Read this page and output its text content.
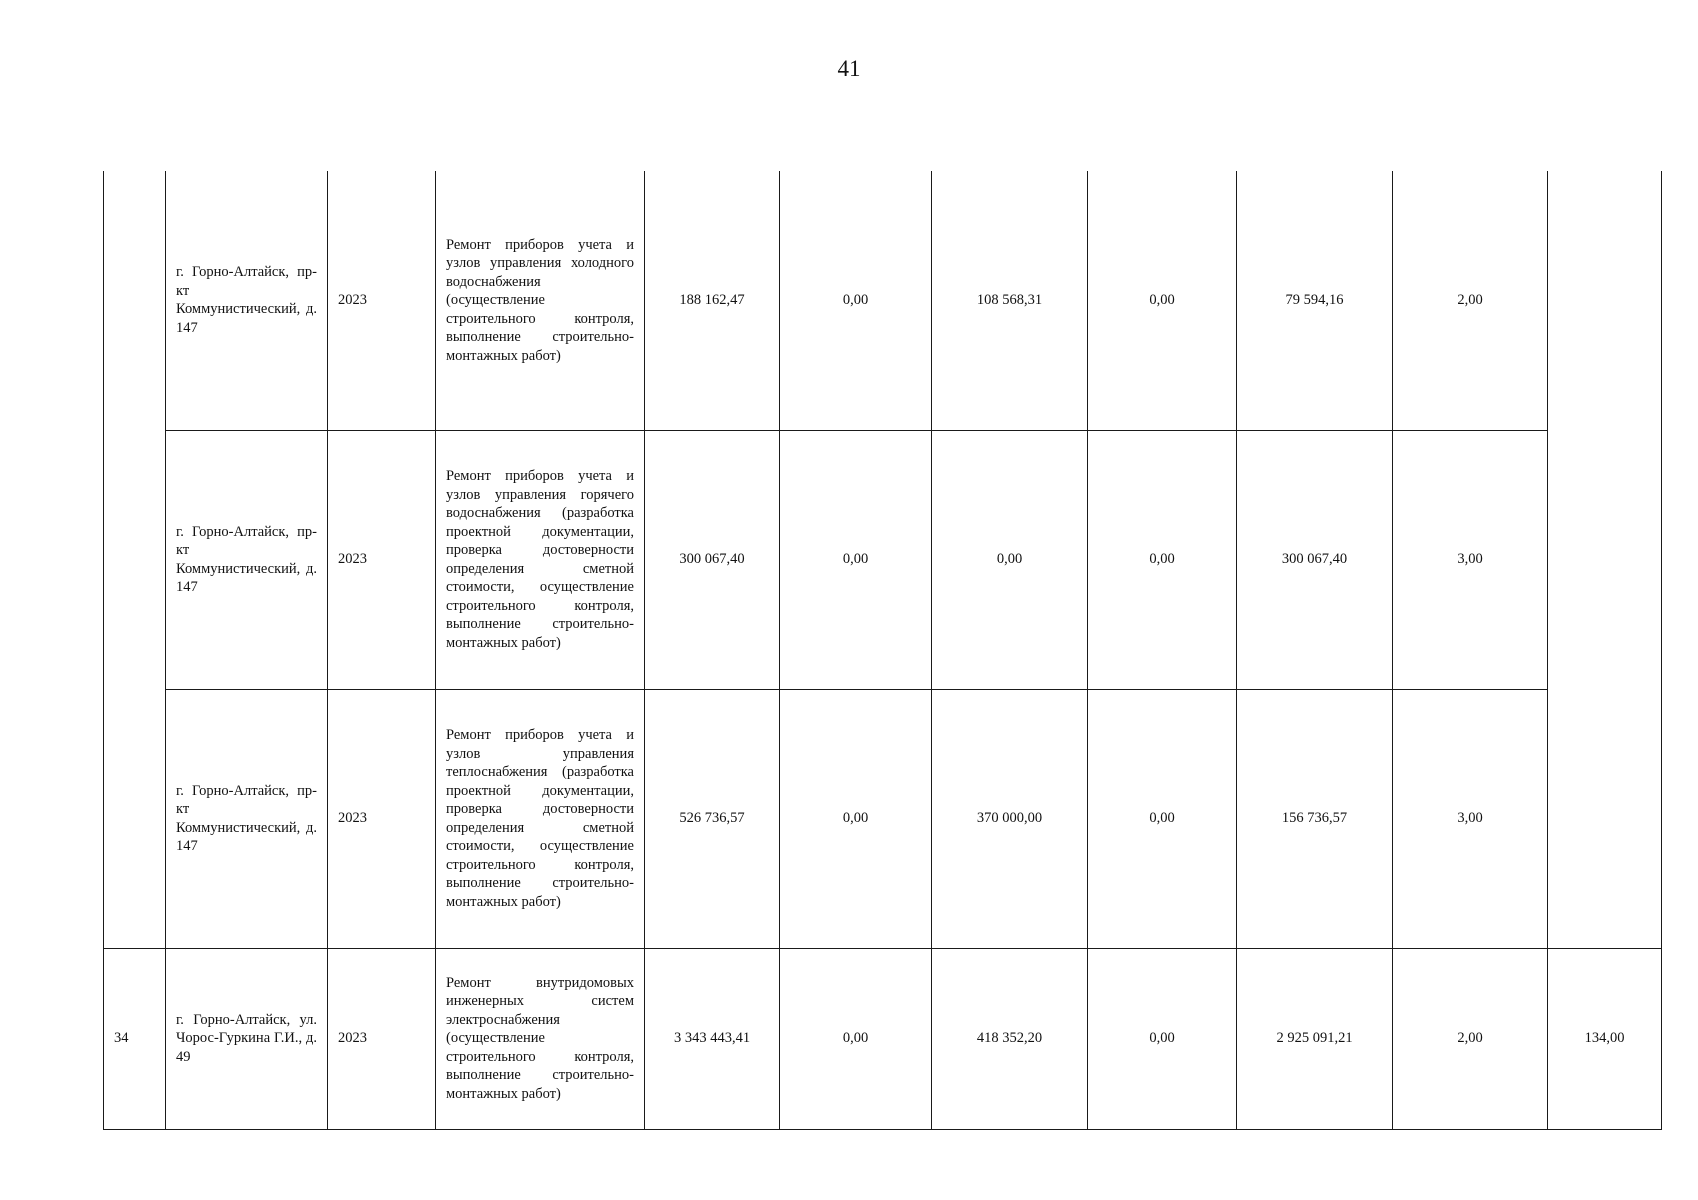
41
	г. Горно-Алтайск, пр-кт Коммунистический, д. 147	2023	Ремонт приборов учета и узлов управления холодного водоснабжения (осуществление строительного контроля, выполнение строительно-монтажных работ)	188 162,47	0,00	108 568,31	0,00	79 594,16	2,00	
	г. Горно-Алтайск, пр-кт Коммунистический, д. 147	2023	Ремонт приборов учета и узлов управления горячего водоснабжения (разработка проектной документации, проверка достоверности определения сметной стоимости, осуществление строительного контроля, выполнение строительно-монтажных работ)	300 067,40	0,00	0,00	0,00	300 067,40	3,00	
	г. Горно-Алтайск, пр-кт Коммунистический, д. 147	2023	Ремонт приборов учета и узлов управления теплоснабжения (разработка проектной документации, проверка достоверности определения сметной стоимости, осуществление строительного контроля, выполнение строительно-монтажных работ)	526 736,57	0,00	370 000,00	0,00	156 736,57	3,00	
34	г. Горно-Алтайск, ул. Чорос-Гуркина Г.И., д. 49	2023	Ремонт внутридомовых инженерных систем электроснабжения (осуществление строительного контроля, выполнение строительно-монтажных работ)	3 343 443,41	0,00	418 352,20	0,00	2 925 091,21	2,00	134,00
